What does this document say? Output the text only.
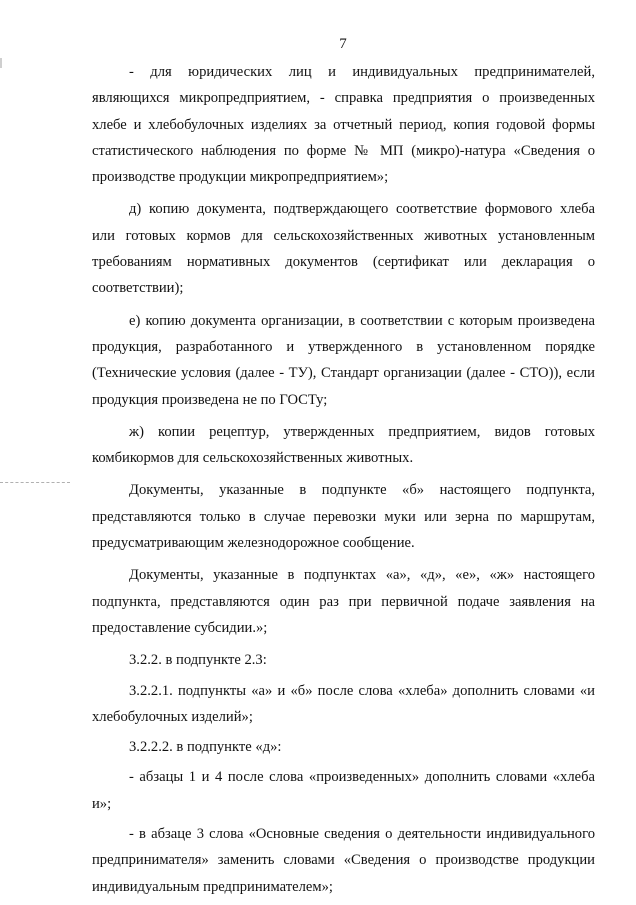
7

- для юридических лиц и индивидуальных предпринимателей, являющихся микропредприятием, - справка предприятия о произведенных хлебе и хлебобулочных изделиях за отчетный период, копия годовой формы статистического наблюдения по форме № МП (микро)-натура «Сведения о производстве продукции микропредприятием»;

д) копию документа, подтверждающего соответствие формового хлеба или готовых кормов для сельскохозяйственных животных установленным требованиям нормативных документов (сертификат или декларация о соответствии);

е) копию документа организации, в соответствии с которым произведена продукция, разработанного и утвержденного в установленном порядке (Технические условия (далее - ТУ), Стандарт организации (далее - СТО)), если продукция произведена не по ГОСТу;

ж) копии рецептур, утвержденных предприятием, видов готовых комбикормов для сельскохозяйственных животных.

Документы, указанные в подпункте «б» настоящего подпункта, представляются только в случае перевозки муки или зерна по маршрутам, предусматривающим железнодорожное сообщение.

Документы, указанные в подпунктах «а», «д», «е», «ж» настоящего подпункта, представляются один раз при первичной подаче заявления на предоставление субсидии.»;

3.2.2. в подпункте 2.3:

3.2.2.1. подпункты «а» и «б» после слова «хлеба» дополнить словами «и хлебобулочных изделий»;

3.2.2.2. в подпункте «д»:

- абзацы 1 и 4 после слова «произведенных» дополнить словами «хлеба и»;

- в абзаце 3 слова «Основные сведения о деятельности индивидуального предпринимателя» заменить словами «Сведения о производстве продукции индивидуальным предпринимателем»;
